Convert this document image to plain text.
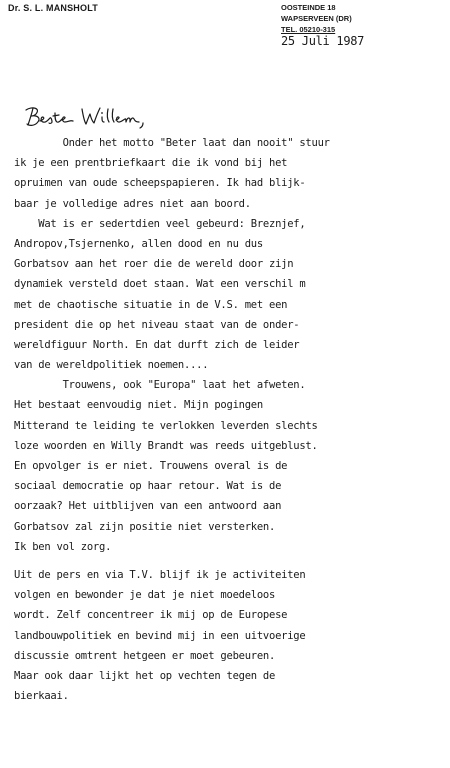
Dr. S. L. MANSHOLT	OOSTEINDE 18
WAPSERVEEN (DR)
TEL. 05210-315
25 Juli 1987
Onder het motto "Beter laat dan nooit" stuur
ik je een prentbriefkaart die ik vond bij het
opruimen van oude scheepspapieren. Ik had blijk-
baar je volledige adres niet aan boord.
Wat is er sedertdien veel gebeurd: Breznjef,
Andropov,Tsjernenko, allen dood en nu dus
Gorbatsov aan het roer die de wereld door zijn
dynamiek versteld doet staan. Wat een verschil m
met de chaotische situatie in de V.S. met een
president die op het niveau staat van de onder-
wereldfiguur North. En dat durft zich de leider
van de wereldpolitiek noemen....
Trouwens, ook "Europa" laat het afweten.
Het bestaat eenvoudig niet. Mijn pogingen
Mitterand te leiding te verlokken leverden slechts
loze woorden en Willy Brandt was reeds uitgeblust.
En opvolger is er niet. Trouwens overal is de
sociaal democratie op haar retour. Wat is de
oorzaak? Het uitblijven van een antwoord aan
Gorbatsov zal zijn positie niet versterken.
Ik ben vol zorg.
Uit de pers en via T.V. blijf ik je activiteiten
volgen en bewonder je dat je niet moedeloos
wordt. Zelf concentreer ik mij op de Europese
landbouwpolitiek en bevind mij in een uitvoerige
discussie omtrent hetgeen er moet gebeuren.
Maar ook daar lijkt het op vechten tegen de
bierkaai.
